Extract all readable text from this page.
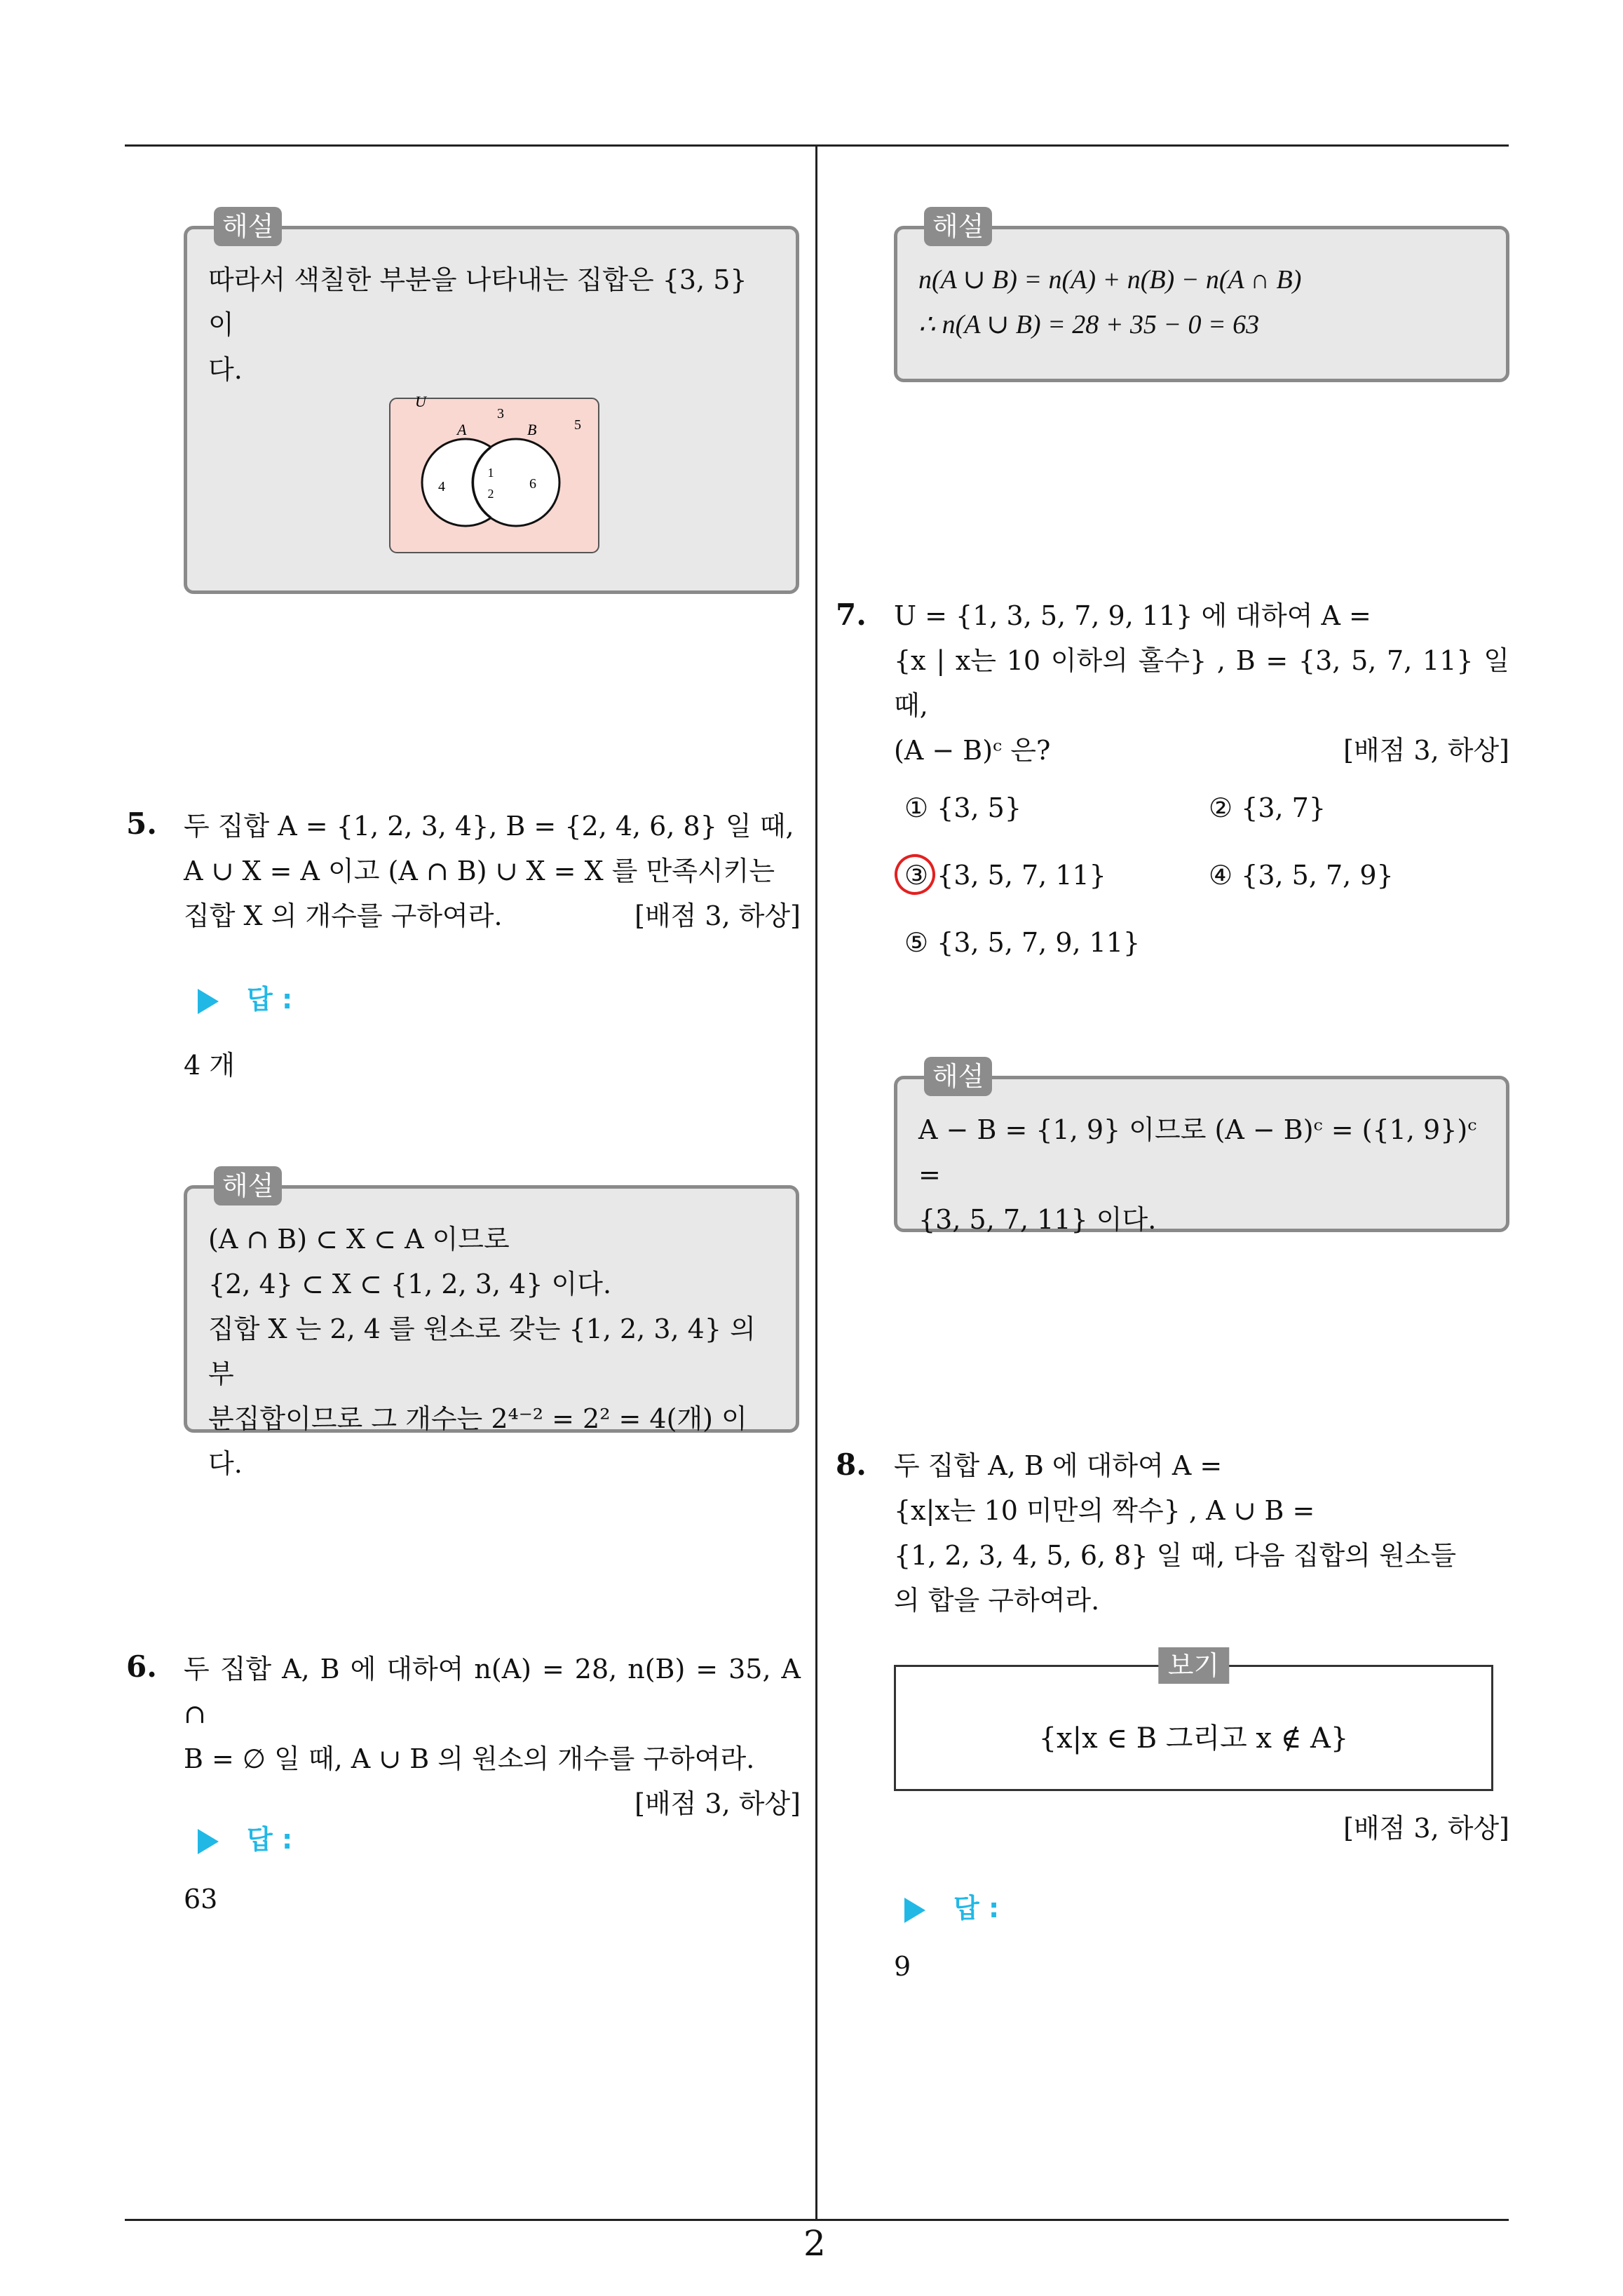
해설
따라서 색칠한 부분을 나타내는 집합은 {3, 5} 이
다.
U
A	B
3
5
4
1
2
6
5. 두 집합 A = {1, 2, 3, 4}, B = {2, 4, 6, 8} 일 때,
A ∪ X = A 이고 (A ∩ B) ∪ X = X 를 만족시키는
집합 X 의 개수를 구하여라.	[배점 3, 하상]
답 :
4 개
해설
(A ∩ B) ⊂ X ⊂ A 이므로
{2, 4} ⊂ X ⊂ {1, 2, 3, 4} 이다.
집합 X 는 2, 4 를 원소로 갖는 {1, 2, 3, 4} 의 부
분집합이므로 그 개수는 2⁴⁻² = 2² = 4(개) 이다.
6. 두 집합 A, B 에 대하여 n(A) = 28, n(B) = 35, A ∩
B = ∅ 일 때, A ∪ B 의 원소의 개수를 구하여라.
[배점 3, 하상]
답 :
63
해설
n(A ∪ B) = n(A) + n(B) − n(A ∩ B)
∴ n(A ∪ B) = 28 + 35 − 0 = 63
7. U = {1, 3, 5, 7, 9, 11} 에 대하여 A =
{x | x는 10 이하의 홀수} , B = {3, 5, 7, 11} 일 때,
(A − B)ᶜ 은?	[배점 3, 하상]
① {3, 5}	② {3, 7}
③ {3, 5, 7, 11}	④ {3, 5, 7, 9}
⑤ {3, 5, 7, 9, 11}
해설
A − B = {1, 9} 이므로 (A − B)ᶜ = ({1, 9})ᶜ =
{3, 5, 7, 11} 이다.
8. 두 집합 A, B 에 대하여 A =
{x|x는 10 미만의 짝수} , A ∪ B =
{1, 2, 3, 4, 5, 6, 8} 일 때, 다음 집합의 원소들
의 합을 구하여라.
보기
{x|x ∈ B 그리고 x ∉ A}
[배점 3, 하상]
답 :
9
2
